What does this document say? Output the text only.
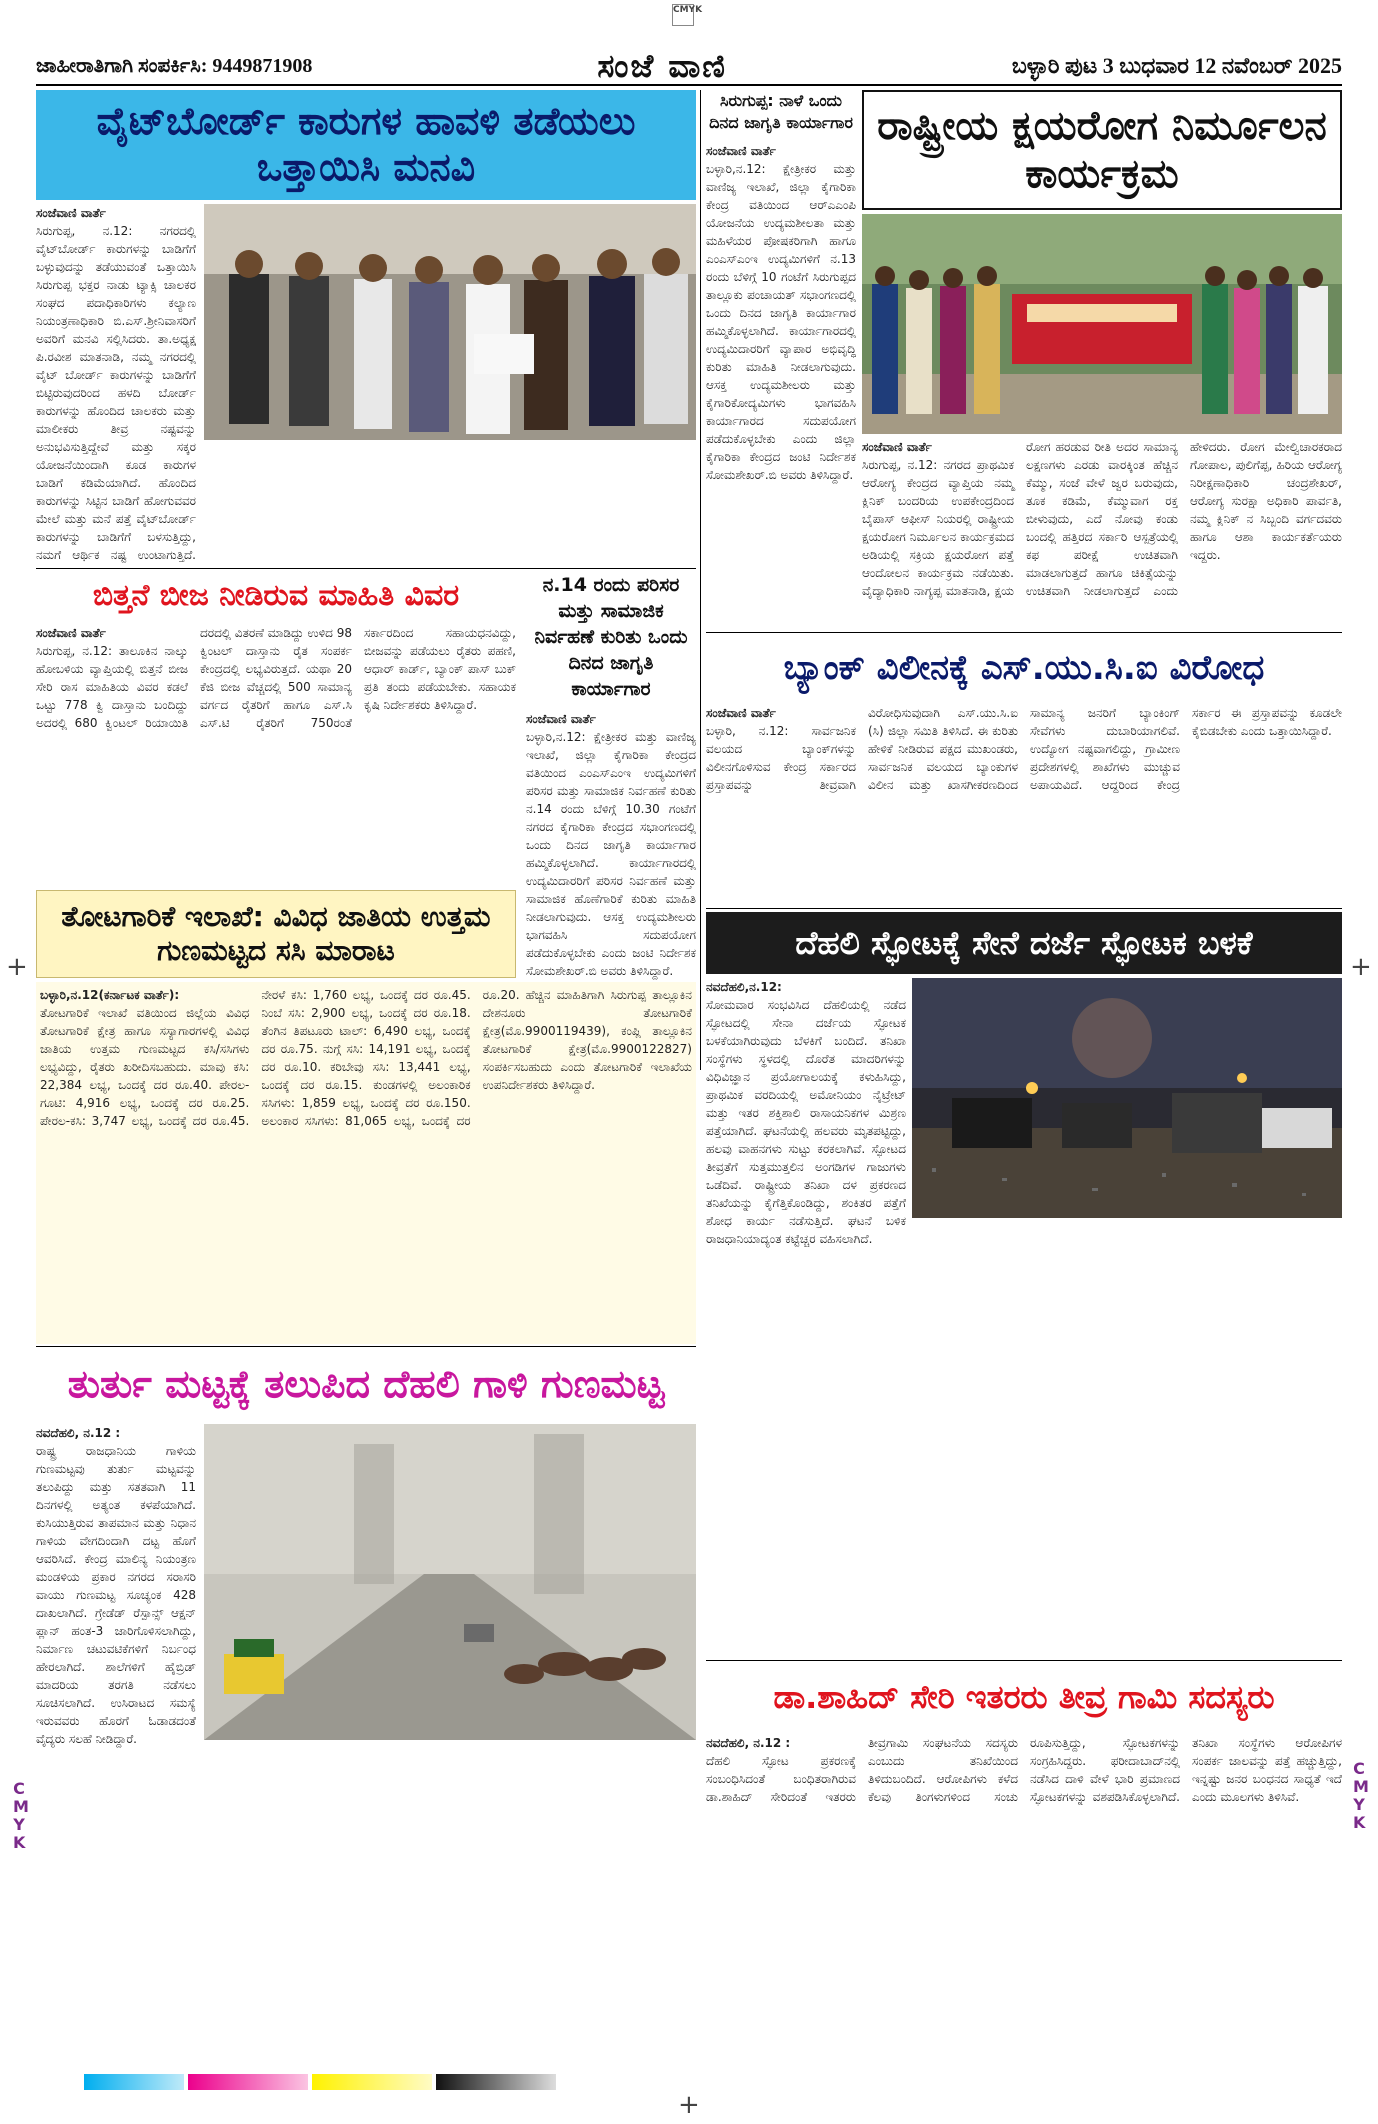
CMYK
ಜಾಹೀರಾತಿಗಾಗಿ ಸಂಪರ್ಕಿಸಿ: 9449871908	ಸಂಜೆ ವಾಣಿ	ಬಳ್ಳಾರಿ ಪುಟ 3 ಬುಧವಾರ 12 ನವೆಂಬರ್ 2025
ವೈಟ್‌ಬೋರ್ಡ್ ಕಾರುಗಳ ಹಾವಳಿ ತಡೆಯಲು ಒತ್ತಾಯಿಸಿ ಮನವಿ
ಸಂಜೆವಾಣಿ ವಾರ್ತೆ
ಸಿರುಗುಪ್ಪ, ನ.12: ನಗರದಲ್ಲಿ ವೈಟ್‌ಬೋರ್ಡ್ ಕಾರುಗಳನ್ನು ಬಾಡಿಗೆಗೆ ಬಳ್ಳುವುದನ್ನು ತಡೆಯುವಂತೆ ಒತ್ತಾಯಿಸಿ ಸಿರುಗುಪ್ಪ ಭಕ್ತರ ನಾಡು ಟ್ಯಾಕ್ಸಿ ಚಾಲಕರ ಸಂಘದ ಪದಾಧಿಕಾರಿಗಳು ಕಲ್ಯಾಣ ನಿಯಂತ್ರಣಾಧಿಕಾರಿ ಬಿ.ಎಸ್.ಶ್ರೀನಿವಾಸರಿಗೆ ಅವರಿಗೆ ಮನವಿ ಸಲ್ಲಿಸಿದರು. ತಾ.ಅಧ್ಯಕ್ಷ ಪಿ.ರವೀಶ ಮಾತನಾಡಿ, ನಮ್ಮ ನಗರದಲ್ಲಿ ವೈಟ್ ಬೋರ್ಡ್ ಕಾರುಗಳನ್ನು ಬಾಡಿಗೆಗೆ ಬಿಟ್ಟಿರುವುದರಿಂದ ಹಳದಿ ಬೋರ್ಡ್ ಕಾರುಗಳನ್ನು ಹೊಂದಿದ ಚಾಲಕರು ಮತ್ತು ಮಾಲೀಕರು ತೀವ್ರ ನಷ್ಟವನ್ನು ಅನುಭವಿಸುತ್ತಿದ್ದೇವೆ ಮತ್ತು ಸಕ್ಕರ ಯೋಜನೆಯಿಂದಾಗಿ ಕೂಡ ಕಾರುಗಳ ಬಾಡಿಗೆ ಕಡಿಮೆಯಾಗಿದೆ. ಹೊಂದಿದ ಕಾರುಗಳನ್ನು ಸಿಟ್ಟಿನ ಬಾಡಿಗೆ ಹೋಗುವವರ ಮೇಲೆ ಮತ್ತು ಮನೆ ಪತ್ತೆ ವೈಟ್‌ಬೋರ್ಡ್ ಕಾರುಗಳನ್ನು ಬಾಡಿಗೆಗೆ ಬಳಸುತ್ತಿದ್ದು, ನಮಗೆ ಆರ್ಥಿಕ ನಷ್ಟ ಉಂಟಾಗುತ್ತಿದೆ.
ಸಿರುಗುಪ್ಪ: ನಾಳೆ ಒಂದು ದಿನದ ಜಾಗೃತಿ ಕಾರ್ಯಾಗಾರ
ಸಂಜೆವಾಣಿ ವಾರ್ತೆ
ಬಳ್ಳಾರಿ,ನ.12: ಕ್ಷೇತ್ರೀಕರ ಮತ್ತು ವಾಣಿಜ್ಯ ಇಲಾಖೆ, ಜಿಲ್ಲಾ ಕೈಗಾರಿಕಾ ಕೇಂದ್ರ ವತಿಯಿಂದ ಆರ್‌ಎಎಂಪಿ ಯೋಜನೆಯ ಉದ್ಯಮಶೀಲತಾ ಮತ್ತು ಮಹಿಳೆಯರ ಪೋಷಕರಿಗಾಗಿ ಹಾಗೂ ಎಂಎಸ್‌ಎಂಇ ಉದ್ಯಮಿಗಳಿಗೆ ನ.13 ರಂದು ಬೆಳಿಗ್ಗೆ 10 ಗಂಟೆಗೆ ಸಿರುಗುಪ್ಪದ ತಾಲ್ಲೂಕು ಪಂಚಾಯತ್ ಸಭಾಂಗಣದಲ್ಲಿ ಒಂದು ದಿನದ ಜಾಗೃತಿ ಕಾರ್ಯಾಗಾರ ಹಮ್ಮಿಕೊಳ್ಳಲಾಗಿದೆ. ಕಾರ್ಯಾಗಾರದಲ್ಲಿ ಉದ್ಯಮಿದಾರರಿಗೆ ವ್ಯಾಪಾರ ಅಭಿವೃದ್ಧಿ ಕುರಿತು ಮಾಹಿತಿ ನೀಡಲಾಗುವುದು. ಆಸಕ್ತ ಉದ್ಯಮಶೀಲರು ಮತ್ತು ಕೈಗಾರಿಕೋದ್ಯಮಿಗಳು ಭಾಗವಹಿಸಿ ಕಾರ್ಯಾಗಾರದ ಸದುಪಯೋಗ ಪಡೆದುಕೊಳ್ಳಬೇಕು ಎಂದು ಜಿಲ್ಲಾ ಕೈಗಾರಿಕಾ ಕೇಂದ್ರದ ಜಂಟಿ ನಿರ್ದೇಶಕ ಸೋಮಶೇಖರ್.ಬಿ ಅವರು ತಿಳಿಸಿದ್ದಾರೆ.
ರಾಷ್ಟ್ರೀಯ ಕ್ಷಯರೋಗ ನಿರ್ಮೂಲನ ಕಾರ್ಯಕ್ರಮ
ಸಂಜೆವಾಣಿ ವಾರ್ತೆ
ಸಿರುಗುಪ್ಪ, ನ.12: ನಗರದ ಪ್ರಾಥಮಿಕ ಆರೋಗ್ಯ ಕೇಂದ್ರದ ವ್ಯಾಪ್ತಿಯ ನಮ್ಮ ಕ್ಲಿನಿಕ್ ಬಂದರಿಯ ಉಪಕೇಂದ್ರದಿಂದ ಬೈಪಾಸ್ ಆಫೀಸ್ ನಿಯರಲ್ಲಿ ರಾಷ್ಟ್ರೀಯ ಕ್ಷಯರೋಗ ನಿರ್ಮೂಲನ ಕಾರ್ಯಕ್ರಮದ ಅಡಿಯಲ್ಲಿ ಸಕ್ರಿಯ ಕ್ಷಯರೋಗ ಪತ್ತೆ ಆಂದೋಲನ ಕಾರ್ಯಕ್ರಮ ನಡೆಯಿತು. ವೈದ್ಯಾಧಿಕಾರಿ ನಾಗ್ಯಪ್ಪ ಮಾತನಾಡಿ, ಕ್ಷಯ ರೋಗ ಹರಡುವ ರೀತಿ ಅದರ ಸಾಮಾನ್ಯ ಲಕ್ಷಣಗಳು ಎರಡು ವಾರಕ್ಕಿಂತ ಹೆಚ್ಚಿನ ಕೆಮ್ಮು, ಸಂಜೆ ವೇಳೆ ಜ್ವರ ಬರುವುದು, ತೂಕ ಕಡಿಮೆ, ಕೆಮ್ಮುವಾಗ ರಕ್ತ ಬೀಳುವುದು, ಎದೆ ನೋವು ಕಂಡು ಬಂದಲ್ಲಿ ಹತ್ತಿರದ ಸರ್ಕಾರಿ ಆಸ್ಪತ್ರೆಯಲ್ಲಿ ಕಫ ಪರೀಕ್ಷೆ ಉಚಿತವಾಗಿ ಮಾಡಲಾಗುತ್ತದೆ ಹಾಗೂ ಚಿಕಿತ್ಸೆಯನ್ನು ಉಚಿತವಾಗಿ ನೀಡಲಾಗುತ್ತದೆ ಎಂದು ಹೇಳಿದರು. ರೋಗ ಮೇಲ್ವಿಚಾರಕರಾದ ಗೋಪಾಲ, ಪುಲಿಗೆಪ್ಪ, ಹಿರಿಯ ಆರೋಗ್ಯ ನಿರೀಕ್ಷಣಾಧಿಕಾರಿ ಚಂದ್ರಶೇಖರ್, ಆರೋಗ್ಯ ಸುರಕ್ಷಾ ಅಧಿಕಾರಿ ಪಾರ್ವತಿ, ನಮ್ಮ ಕ್ಲಿನಿಕ್ ನ ಸಿಬ್ಬಂದಿ ವರ್ಗದವರು ಹಾಗೂ ಆಶಾ ಕಾರ್ಯಕರ್ತೆಯರು ಇದ್ದರು.
ಬಿತ್ತನೆ ಬೀಜ ನೀಡಿರುವ ಮಾಹಿತಿ ವಿವರ
ಸಂಜೆವಾಣಿ ವಾರ್ತೆ
ಸಿರುಗುಪ್ಪ, ನ.12: ತಾಲೂಕಿನ ನಾಲ್ಕು ಹೋಬಳಿಯ ವ್ಯಾಪ್ತಿಯಲ್ಲಿ ಬಿತ್ತನೆ ಬೀಜ ಸೇರಿ ರಾಸ ಮಾಹಿತಿಯ ವಿವರ ಕಡಲೆ ಒಟ್ಟು 778 ಕ್ವಿ ದಾಸ್ತಾನು ಬಂದಿದ್ದು ಅದರಲ್ಲಿ 680 ಕ್ವಿಂಟಲ್ ರಿಯಾಯಿತಿ ದರದಲ್ಲಿ ವಿತರಣೆ ಮಾಡಿದ್ದು ಉಳಿದ 98 ಕ್ವಿಂಟಲ್ ದಾಸ್ತಾನು ರೈತ ಸಂಪರ್ಕ ಕೇಂದ್ರದಲ್ಲಿ ಲಭ್ಯವಿರುತ್ತದೆ. ಯಥಾ 20 ಕೆಜಿ ಬೀಜ ವೆಚ್ಚದಲ್ಲಿ 500 ಸಾಮಾನ್ಯ ವರ್ಗದ ರೈತರಿಗೆ ಹಾಗೂ ಎಸ್.ಸಿ ಎಸ್.ಟಿ ರೈತರಿಗೆ 750ರಂತೆ ಸರ್ಕಾರದಿಂದ ಸಹಾಯಧನವಿದ್ದು, ಬೀಜವನ್ನು ಪಡೆಯಲು ರೈತರು ಪಹಣಿ, ಆಧಾರ್ ಕಾರ್ಡ್, ಬ್ಯಾಂಕ್ ಪಾಸ್ ಬುಕ್ ಪ್ರತಿ ತಂದು ಪಡೆಯಬೇಕು. ಸಹಾಯಕ ಕೃಷಿ ನಿರ್ದೇಶಕರು ತಿಳಿಸಿದ್ದಾರೆ.
ನ.14 ರಂದು ಪರಿಸರ ಮತ್ತು ಸಾಮಾಜಿಕ ನಿರ್ವಹಣೆ ಕುರಿತು ಒಂದು ದಿನದ ಜಾಗೃತಿ ಕಾರ್ಯಾಗಾರ
ಸಂಜೆವಾಣಿ ವಾರ್ತೆ
ಬಳ್ಳಾರಿ,ನ.12: ಕ್ಷೇತ್ರೀಕರ ಮತ್ತು ವಾಣಿಜ್ಯ ಇಲಾಖೆ, ಜಿಲ್ಲಾ ಕೈಗಾರಿಕಾ ಕೇಂದ್ರದ ವತಿಯಿಂದ ಎಂಎಸ್‌ಎಂಇ ಉದ್ಯಮಿಗಳಿಗೆ ಪರಿಸರ ಮತ್ತು ಸಾಮಾಜಿಕ ನಿರ್ವಹಣೆ ಕುರಿತು ನ.14 ರಂದು ಬೆಳಿಗ್ಗೆ 10.30 ಗಂಟೆಗೆ ನಗರದ ಕೈಗಾರಿಕಾ ಕೇಂದ್ರದ ಸಭಾಂಗಣದಲ್ಲಿ ಒಂದು ದಿನದ ಜಾಗೃತಿ ಕಾರ್ಯಾಗಾರ ಹಮ್ಮಿಕೊಳ್ಳಲಾಗಿದೆ. ಕಾರ್ಯಾಗಾರದಲ್ಲಿ ಉದ್ಯಮಿದಾರರಿಗೆ ಪರಿಸರ ನಿರ್ವಹಣೆ ಮತ್ತು ಸಾಮಾಜಿಕ ಹೊಣೆಗಾರಿಕೆ ಕುರಿತು ಮಾಹಿತಿ ನೀಡಲಾಗುವುದು. ಆಸಕ್ತ ಉದ್ಯಮಶೀಲರು ಭಾಗವಹಿಸಿ ಸದುಪಯೋಗ ಪಡೆದುಕೊಳ್ಳಬೇಕು ಎಂದು ಜಂಟಿ ನಿರ್ದೇಶಕ ಸೋಮಶೇಖರ್.ಬಿ ಅವರು ತಿಳಿಸಿದ್ದಾರೆ.
ತೋಟಗಾರಿಕೆ ಇಲಾಖೆ: ವಿವಿಧ ಜಾತಿಯ ಉತ್ತಮ ಗುಣಮಟ್ಟದ ಸಸಿ ಮಾರಾಟ
ಬಳ್ಳಾರಿ,ನ.12(ಕರ್ನಾಟಕ ವಾರ್ತೆ):
ತೋಟಗಾರಿಕೆ ಇಲಾಖೆ ವತಿಯಿಂದ ಜಿಲ್ಲೆಯ ವಿವಿಧ ತೋಟಗಾರಿಕೆ ಕ್ಷೇತ್ರ ಹಾಗೂ ಸಸ್ಯಾಗಾರಗಳಲ್ಲಿ ವಿವಿಧ ಜಾತಿಯ ಉತ್ತಮ ಗುಣಮಟ್ಟದ ಕಸಿ/ಸಸಿಗಳು ಲಭ್ಯವಿದ್ದು, ರೈತರು ಖರೀದಿಸಬಹುದು. ಮಾವು ಕಸಿ: 22,384 ಲಭ್ಯ, ಒಂದಕ್ಕೆ ದರ ರೂ.40. ಪೇರಲ-ಗೂಟಿ: 4,916 ಲಭ್ಯ, ಒಂದಕ್ಕೆ ದರ ರೂ.25. ಪೇರಲ-ಕಸಿ: 3,747 ಲಭ್ಯ, ಒಂದಕ್ಕೆ ದರ ರೂ.45. ನೇರಳೆ ಕಸಿ: 1,760 ಲಭ್ಯ, ಒಂದಕ್ಕೆ ದರ ರೂ.45. ನಿಂಬೆ ಸಸಿ: 2,900 ಲಭ್ಯ, ಒಂದಕ್ಕೆ ದರ ರೂ.18. ತೆಂಗಿನ ತಿಪಟೂರು ಟಾಲ್: 6,490 ಲಭ್ಯ, ಒಂದಕ್ಕೆ ದರ ರೂ.75. ನುಗ್ಗೆ ಸಸಿ: 14,191 ಲಭ್ಯ, ಒಂದಕ್ಕೆ ದರ ರೂ.10. ಕರಿಬೇವು ಸಸಿ: 13,441 ಲಭ್ಯ, ಒಂದಕ್ಕೆ ದರ ರೂ.15. ಕುಂಡಗಳಲ್ಲಿ ಅಲಂಕಾರಿಕ ಸಸಿಗಳು: 1,859 ಲಭ್ಯ, ಒಂದಕ್ಕೆ ದರ ರೂ.150. ಅಲಂಕಾರ ಸಸಿಗಳು: 81,065 ಲಭ್ಯ, ಒಂದಕ್ಕೆ ದರ ರೂ.20. ಹೆಚ್ಚಿನ ಮಾಹಿತಿಗಾಗಿ ಸಿರುಗುಪ್ಪ ತಾಲ್ಲೂಕಿನ ದೇಶನೂರು ತೋಟಗಾರಿಕೆ ಕ್ಷೇತ್ರ(ಮೊ.9900119439), ಕಂಪ್ಲಿ ತಾಲ್ಲೂಕಿನ ತೋಟಗಾರಿಕೆ ಕ್ಷೇತ್ರ(ಮೊ.9900122827) ಸಂಪರ್ಕಿಸಬಹುದು ಎಂದು ತೋಟಗಾರಿಕೆ ಇಲಾಖೆಯ ಉಪನಿರ್ದೇಶಕರು ತಿಳಿಸಿದ್ದಾರೆ.
ಬ್ಯಾಂಕ್ ವಿಲೀನಕ್ಕೆ ಎಸ್.ಯು.ಸಿ.ಐ ವಿರೋಧ
ಸಂಜೆವಾಣಿ ವಾರ್ತೆ
ಬಳ್ಳಾರಿ, ನ.12: ಸಾರ್ವಜನಿಕ ವಲಯದ ಬ್ಯಾಂಕ್‌ಗಳನ್ನು ವಿಲೀನಗೊಳಿಸುವ ಕೇಂದ್ರ ಸರ್ಕಾರದ ಪ್ರಸ್ತಾಪವನ್ನು ತೀವ್ರವಾಗಿ ವಿರೋಧಿಸುವುದಾಗಿ ಎಸ್.ಯು.ಸಿ.ಐ (ಸಿ) ಜಿಲ್ಲಾ ಸಮಿತಿ ತಿಳಿಸಿದೆ. ಈ ಕುರಿತು ಹೇಳಿಕೆ ನೀಡಿರುವ ಪಕ್ಷದ ಮುಖಂಡರು, ಸಾರ್ವಜನಿಕ ವಲಯದ ಬ್ಯಾಂಕುಗಳ ವಿಲೀನ ಮತ್ತು ಖಾಸಗೀಕರಣದಿಂದ ಸಾಮಾನ್ಯ ಜನರಿಗೆ ಬ್ಯಾಂಕಿಂಗ್ ಸೇವೆಗಳು ದುಬಾರಿಯಾಗಲಿವೆ. ಉದ್ಯೋಗ ನಷ್ಟವಾಗಲಿದ್ದು, ಗ್ರಾಮೀಣ ಪ್ರದೇಶಗಳಲ್ಲಿ ಶಾಖೆಗಳು ಮುಚ್ಚುವ ಅಪಾಯವಿದೆ. ಆದ್ದರಿಂದ ಕೇಂದ್ರ ಸರ್ಕಾರ ಈ ಪ್ರಸ್ತಾಪವನ್ನು ಕೂಡಲೇ ಕೈಬಿಡಬೇಕು ಎಂದು ಒತ್ತಾಯಿಸಿದ್ದಾರೆ.
ದೆಹಲಿ ಸ್ಫೋಟಕ್ಕೆ ಸೇನೆ ದರ್ಜೆ ಸ್ಫೋಟಕ ಬಳಕೆ
ನವದೆಹಲಿ,ನ.12:
ಸೋಮವಾರ ಸಂಭವಿಸಿದ ದೆಹಲಿಯಲ್ಲಿ ನಡೆದ ಸ್ಫೋಟದಲ್ಲಿ ಸೇನಾ ದರ್ಜೆಯ ಸ್ಫೋಟಕ ಬಳಕೆಯಾಗಿರುವುದು ಬೆಳಕಿಗೆ ಬಂದಿದೆ. ತನಿಖಾ ಸಂಸ್ಥೆಗಳು ಸ್ಥಳದಲ್ಲಿ ದೊರೆತ ಮಾದರಿಗಳನ್ನು ವಿಧಿವಿಜ್ಞಾನ ಪ್ರಯೋಗಾಲಯಕ್ಕೆ ಕಳುಹಿಸಿದ್ದು, ಪ್ರಾಥಮಿಕ ವರದಿಯಲ್ಲಿ ಅಮೋನಿಯಂ ನೈಟ್ರೇಟ್ ಮತ್ತು ಇತರ ಶಕ್ತಿಶಾಲಿ ರಾಸಾಯನಿಕಗಳ ಮಿಶ್ರಣ ಪತ್ತೆಯಾಗಿದೆ. ಘಟನೆಯಲ್ಲಿ ಹಲವರು ಮೃತಪಟ್ಟಿದ್ದು, ಹಲವು ವಾಹನಗಳು ಸುಟ್ಟು ಕರಕಲಾಗಿವೆ. ಸ್ಫೋಟದ ತೀವ್ರತೆಗೆ ಸುತ್ತಮುತ್ತಲಿನ ಅಂಗಡಿಗಳ ಗಾಜುಗಳು ಒಡೆದಿವೆ. ರಾಷ್ಟ್ರೀಯ ತನಿಖಾ ದಳ ಪ್ರಕರಣದ ತನಿಖೆಯನ್ನು ಕೈಗೆತ್ತಿಕೊಂಡಿದ್ದು, ಶಂಕಿತರ ಪತ್ತೆಗೆ ಶೋಧ ಕಾರ್ಯ ನಡೆಸುತ್ತಿದೆ. ಘಟನೆ ಬಳಿಕ ರಾಜಧಾನಿಯಾದ್ಯಂತ ಕಟ್ಟೆಚ್ಚರ ವಹಿಸಲಾಗಿದೆ.
ತುರ್ತು ಮಟ್ಟಕ್ಕೆ ತಲುಪಿದ ದೆಹಲಿ ಗಾಳಿ ಗುಣಮಟ್ಟ
ನವದೆಹಲಿ, ನ.12 :
ರಾಷ್ಟ್ರ ರಾಜಧಾನಿಯ ಗಾಳಿಯ ಗುಣಮಟ್ಟವು ತುರ್ತು ಮಟ್ಟವನ್ನು ತಲುಪಿದ್ದು ಮತ್ತು ಸತತವಾಗಿ 11 ದಿನಗಳಲ್ಲಿ ಅತ್ಯಂತ ಕಳಪೆಯಾಗಿದೆ. ಕುಸಿಯುತ್ತಿರುವ ತಾಪಮಾನ ಮತ್ತು ನಿಧಾನ ಗಾಳಿಯ ವೇಗದಿಂದಾಗಿ ದಟ್ಟ ಹೊಗೆ ಆವರಿಸಿದೆ. ಕೇಂದ್ರ ಮಾಲಿನ್ಯ ನಿಯಂತ್ರಣ ಮಂಡಳಿಯ ಪ್ರಕಾರ ನಗರದ ಸರಾಸರಿ ವಾಯು ಗುಣಮಟ್ಟ ಸೂಚ್ಯಂಕ 428 ದಾಖಲಾಗಿದೆ. ಗ್ರೇಡೆಡ್ ರೆಸ್ಪಾನ್ಸ್ ಆಕ್ಷನ್ ಪ್ಲಾನ್ ಹಂತ-3 ಜಾರಿಗೊಳಿಸಲಾಗಿದ್ದು, ನಿರ್ಮಾಣ ಚಟುವಟಿಕೆಗಳಿಗೆ ನಿರ್ಬಂಧ ಹೇರಲಾಗಿದೆ. ಶಾಲೆಗಳಿಗೆ ಹೈಬ್ರಿಡ್ ಮಾದರಿಯ ತರಗತಿ ನಡೆಸಲು ಸೂಚಿಸಲಾಗಿದೆ. ಉಸಿರಾಟದ ಸಮಸ್ಯೆ ಇರುವವರು ಹೊರಗೆ ಓಡಾಡದಂತೆ ವೈದ್ಯರು ಸಲಹೆ ನೀಡಿದ್ದಾರೆ.
ಡಾ.ಶಾಹಿದ್ ಸೇರಿ ಇತರರು ತೀವ್ರ ಗಾಮಿ ಸದಸ್ಯರು
ನವದೆಹಲಿ, ನ.12 :
ದೆಹಲಿ ಸ್ಫೋಟ ಪ್ರಕರಣಕ್ಕೆ ಸಂಬಂಧಿಸಿದಂತೆ ಬಂಧಿತರಾಗಿರುವ ಡಾ.ಶಾಹಿದ್ ಸೇರಿದಂತೆ ಇತರರು ತೀವ್ರಗಾಮಿ ಸಂಘಟನೆಯ ಸದಸ್ಯರು ಎಂಬುದು ತನಿಖೆಯಿಂದ ತಿಳಿದುಬಂದಿದೆ. ಆರೋಪಿಗಳು ಕಳೆದ ಕೆಲವು ತಿಂಗಳುಗಳಿಂದ ಸಂಚು ರೂಪಿಸುತ್ತಿದ್ದು, ಸ್ಫೋಟಕಗಳನ್ನು ಸಂಗ್ರಹಿಸಿದ್ದರು. ಫರೀದಾಬಾದ್‌ನಲ್ಲಿ ನಡೆಸಿದ ದಾಳಿ ವೇಳೆ ಭಾರಿ ಪ್ರಮಾಣದ ಸ್ಫೋಟಕಗಳನ್ನು ವಶಪಡಿಸಿಕೊಳ್ಳಲಾಗಿದೆ. ತನಿಖಾ ಸಂಸ್ಥೆಗಳು ಆರೋಪಿಗಳ ಸಂಪರ್ಕ ಜಾಲವನ್ನು ಪತ್ತೆ ಹಚ್ಚುತ್ತಿದ್ದು, ಇನ್ನಷ್ಟು ಜನರ ಬಂಧನದ ಸಾಧ್ಯತೆ ಇದೆ ಎಂದು ಮೂಲಗಳು ತಿಳಿಸಿವೆ.
CMYK
CMYK
+	+
+
